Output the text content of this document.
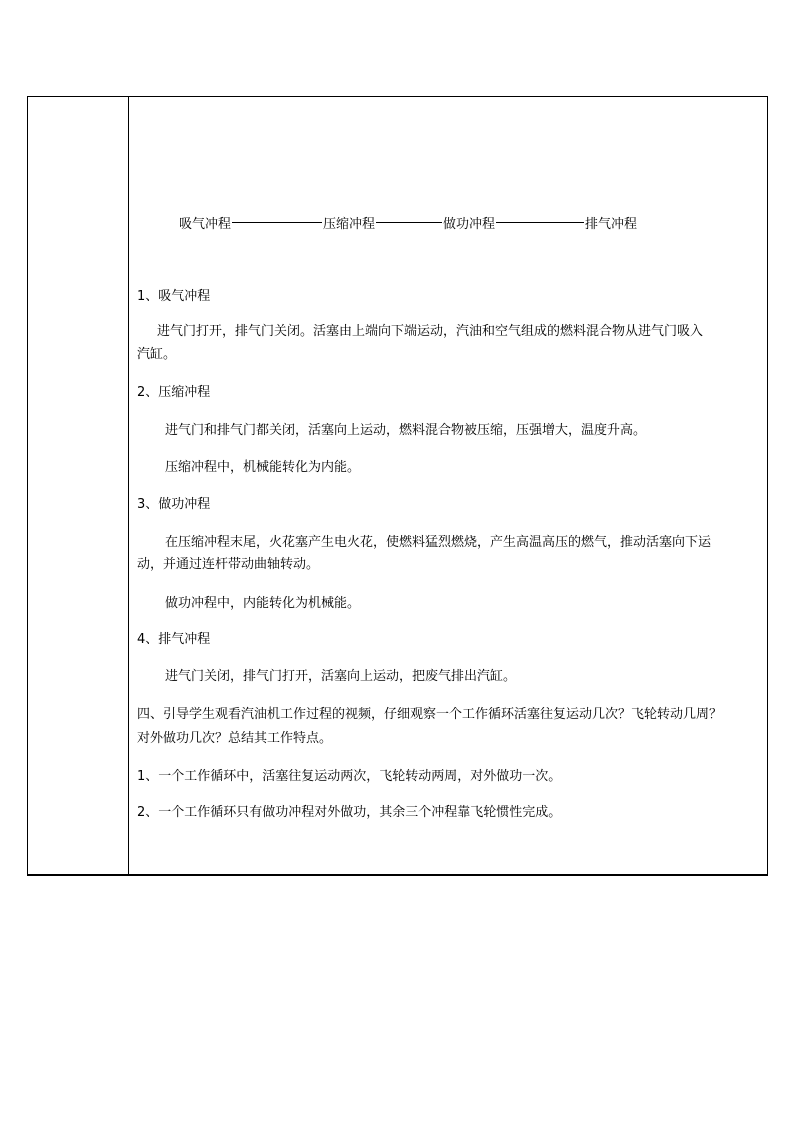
吸气冲程	压缩冲程	做功冲程	排气冲程
1、吸气冲程
进气门打开，排气门关闭。活塞由上端向下端运动，汽油和空气组成的燃料混合物从进气门吸入
汽缸。
2、压缩冲程
进气门和排气门都关闭，活塞向上运动，燃料混合物被压缩，压强增大，温度升高。
压缩冲程中，机械能转化为内能。
3、做功冲程
在压缩冲程末尾，火花塞产生电火花，使燃料猛烈燃烧，产生高温高压的燃气，推动活塞向下运
动，并通过连杆带动曲轴转动。
做功冲程中，内能转化为机械能。
4、排气冲程
进气门关闭，排气门打开，活塞向上运动，把废气排出汽缸。
四、引导学生观看汽油机工作过程的视频，仔细观察一个工作循环活塞往复运动几次？飞轮转动几周？
对外做功几次？总结其工作特点。
1、一个工作循环中，活塞往复运动两次，飞轮转动两周，对外做功一次。
2、一个工作循环只有做功冲程对外做功，其余三个冲程靠飞轮惯性完成。
